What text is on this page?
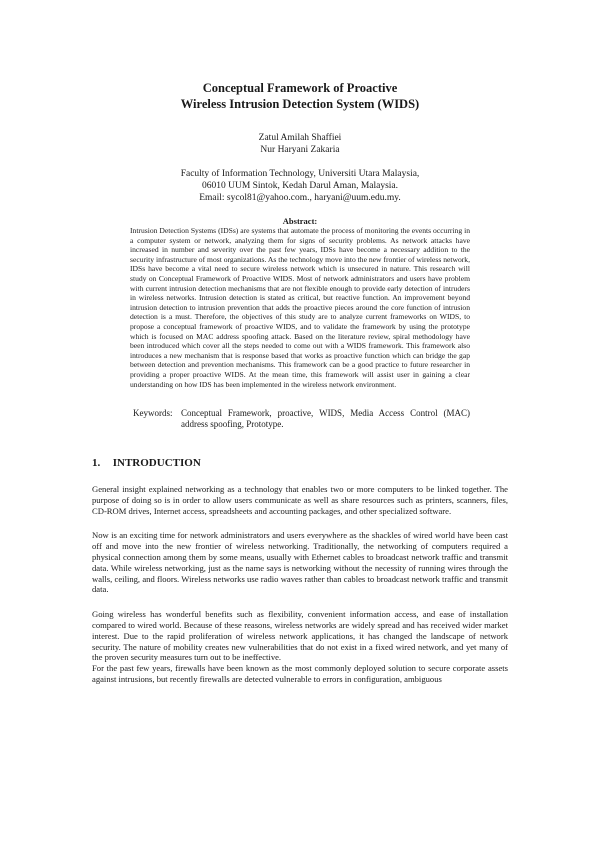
Conceptual Framework of Proactive
Wireless Intrusion Detection System (WIDS)
Zatul Amilah Shaffiei
Nur Haryani Zakaria
Faculty of Information Technology, Universiti Utara Malaysia,
06010 UUM Sintok, Kedah Darul Aman, Malaysia.
Email: sycol81@yahoo.com., haryani@uum.edu.my.
Abstract:
Intrusion Detection Systems (IDSs) are systems that automate the process of monitoring the events occurring in a computer system or network, analyzing them for signs of security problems. As network attacks have increased in number and severity over the past few years, IDSs have become a necessary addition to the security infrastructure of most organizations. As the technology move into the new frontier of wireless network, IDSs have become a vital need to secure wireless network which is unsecured in nature. This research will study on Conceptual Framework of Proactive WIDS. Most of network administrators and users have problem with current intrusion detection mechanisms that are not flexible enough to provide early detection of intruders in wireless networks. Intrusion detection is stated as critical, but reactive function. An improvement beyond intrusion detection to intrusion prevention that adds the proactive pieces around the core function of intrusion detection is a must. Therefore, the objectives of this study are to analyze current frameworks on WIDS, to propose a conceptual framework of proactive WIDS, and to validate the framework by using the prototype which is focused on MAC address spoofing attack. Based on the literature review, spiral methodology have been introduced which cover all the steps needed to come out with a WIDS framework. This framework also introduces a new mechanism that is response based that works as proactive function which can bridge the gap between detection and prevention mechanisms. This framework can be a good practice to future researcher in providing a proper proactive WIDS. At the mean time, this framework will assist user in gaining a clear understanding on how IDS has been implemented in the wireless network environment.
Keywords: Conceptual Framework, proactive, WIDS, Media Access Control (MAC) address spoofing, Prototype.
1. INTRODUCTION
General insight explained networking as a technology that enables two or more computers to be linked together. The purpose of doing so is in order to allow users communicate as well as share resources such as printers, scanners, files, CD-ROM drives, Internet access, spreadsheets and accounting packages, and other specialized software.
Now is an exciting time for network administrators and users everywhere as the shackles of wired world have been cast off and move into the new frontier of wireless networking. Traditionally, the networking of computers required a physical connection among them by some means, usually with Ethernet cables to broadcast network traffic and transmit data. While wireless networking, just as the name says is networking without the necessity of running wires through the walls, ceiling, and floors. Wireless networks use radio waves rather than cables to broadcast network traffic and transmit data.
Going wireless has wonderful benefits such as flexibility, convenient information access, and ease of installation compared to wired world. Because of these reasons, wireless networks are widely spread and has received wider market interest. Due to the rapid proliferation of wireless network applications, it has changed the landscape of network security. The nature of mobility creates new vulnerabilities that do not exist in a fixed wired network, and yet many of the proven security measures turn out to be ineffective.
For the past few years, firewalls have been known as the most commonly deployed solution to secure corporate assets against intrusions, but recently firewalls are detected vulnerable to errors in configuration, ambiguous
